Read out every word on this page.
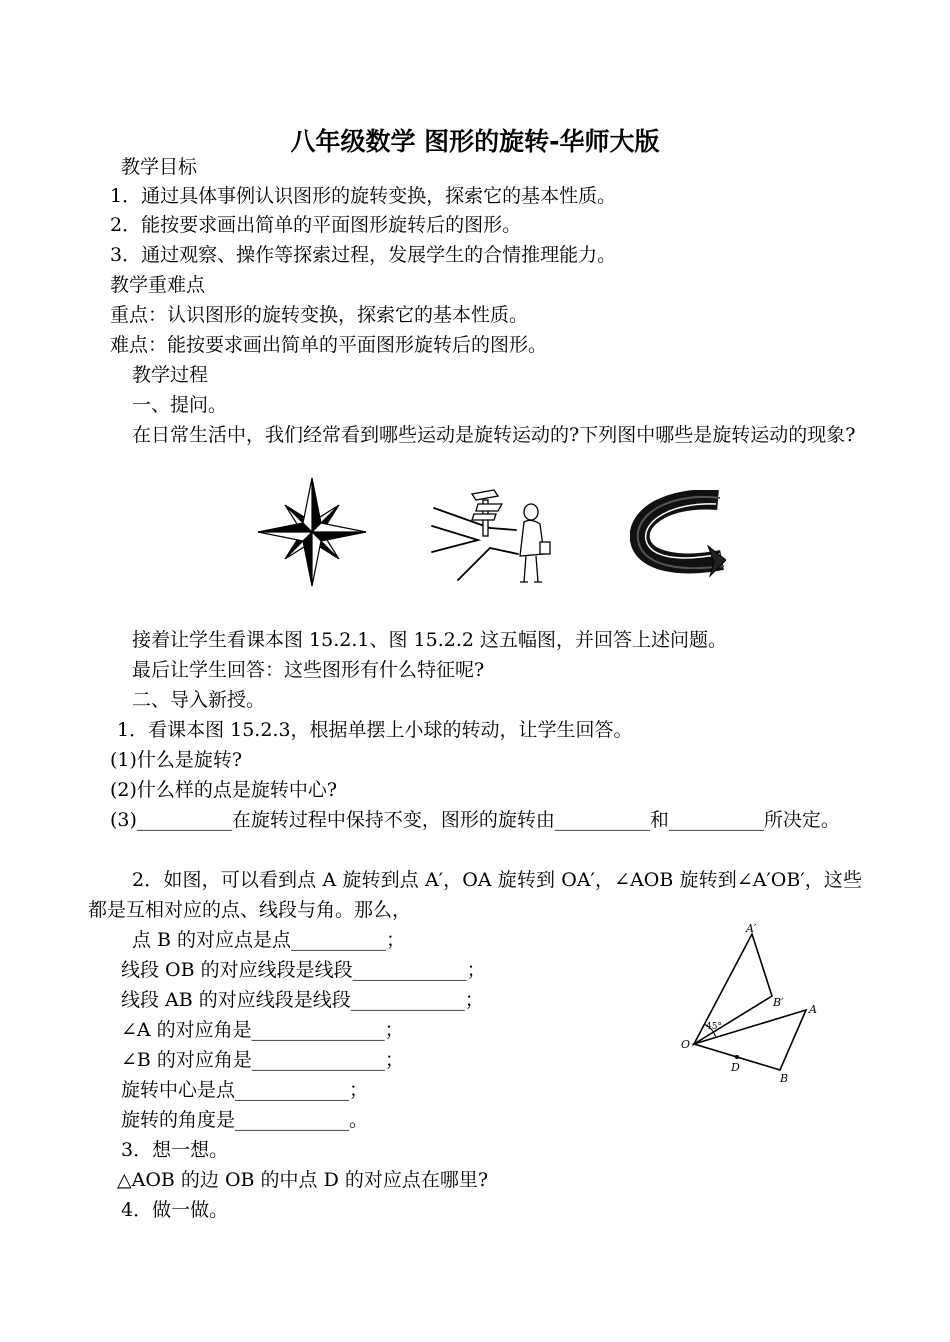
八年级数学 图形的旋转-华师大版
教学目标
1．通过具体事例认识图形的旋转变换，探索它的基本性质。
2．能按要求画出简单的平面图形旋转后的图形。
3．通过观察、操作等探索过程，发展学生的合情推理能力。
教学重难点
重点：认识图形的旋转变换，探索它的基本性质。
难点：能按要求画出简单的平面图形旋转后的图形。
教学过程
一、提问。
在日常生活中，我们经常看到哪些运动是旋转运动的?下列图中哪些是旋转运动的现象?
接着让学生看课本图 15.2.1、图 15.2.2 这五幅图，并回答上述问题。
最后让学生回答：这些图形有什么特征呢?
二、导入新授。
1．看课本图 15.2.3，根据单摆上小球的转动，让学生回答。
(1)什么是旋转?
(2)什么样的点是旋转中心?
(3)__________在旋转过程中保持不变，图形的旋转由__________和__________所决定。
2．如图，可以看到点 A 旋转到点 A′，OA 旋转到 OA′，∠AOB 旋转到∠A′OB′，这些都是互相对应的点、线段与角。那么，
点 B 的对应点是点__________；
线段 OB 的对应线段是线段____________；
线段 AB 的对应线段是线段____________；
∠A 的对应角是______________；
∠B 的对应角是______________；
旋转中心是点____________；
旋转的角度是____________。
3．想一想。
△AOB 的边 OB 的中点 D 的对应点在哪里?
4．做一做。
A′
B′
A
B
O
D
45°
